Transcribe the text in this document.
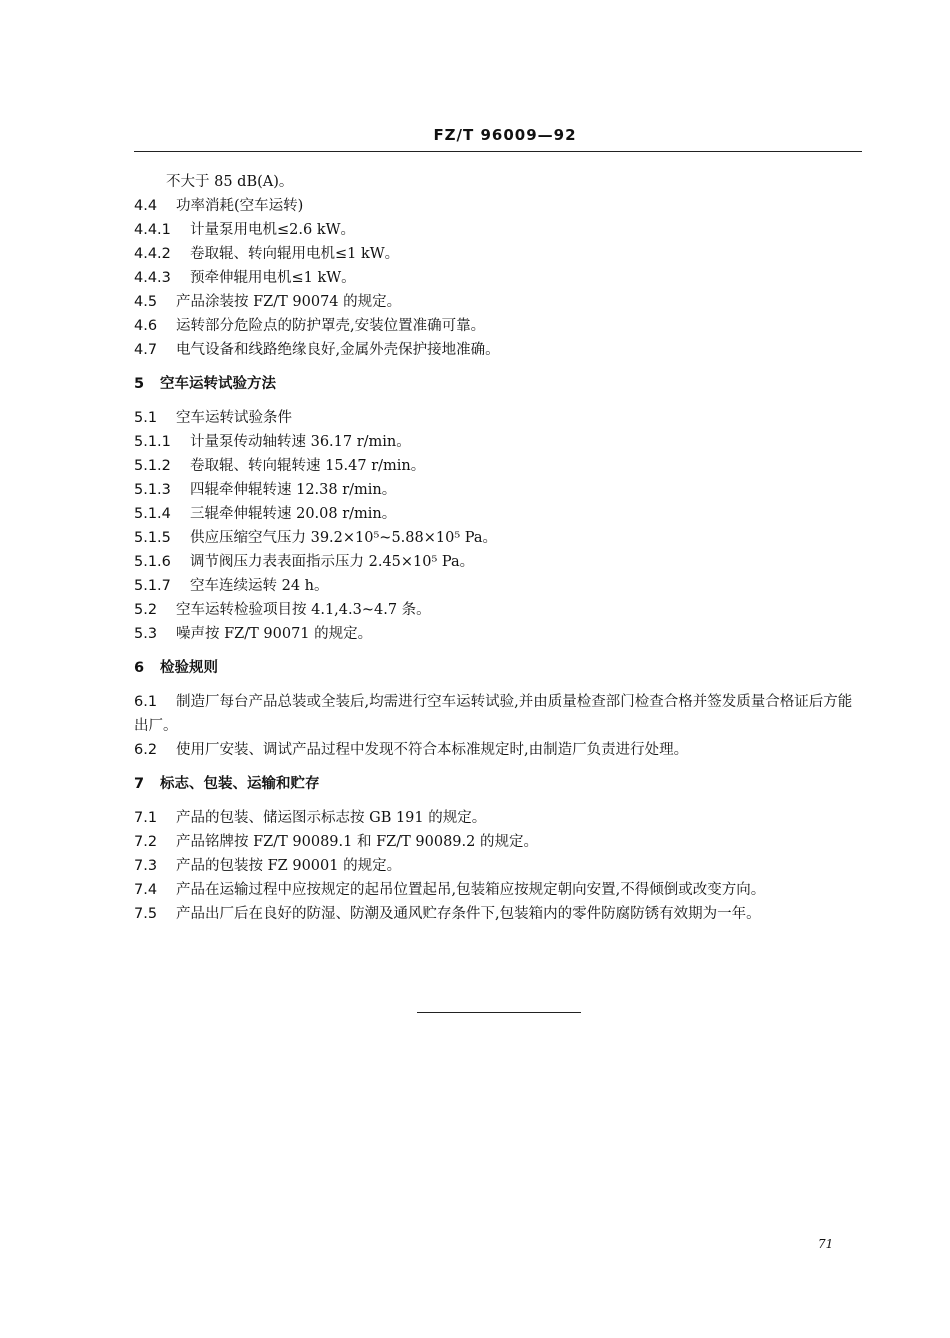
FZ/T 96009—92
不大于 85 dB(A)。
4.4 功率消耗(空车运转)
4.4.1 计量泵用电机≤2.6 kW。
4.4.2 卷取辊、转向辊用电机≤1 kW。
4.4.3 预牵伸辊用电机≤1 kW。
4.5 产品涂装按 FZ/T 90074 的规定。
4.6 运转部分危险点的防护罩壳,安装位置准确可靠。
4.7 电气设备和线路绝缘良好,金属外壳保护接地准确。
5 空车运转试验方法
5.1 空车运转试验条件
5.1.1 计量泵传动轴转速 36.17 r/min。
5.1.2 卷取辊、转向辊转速 15.47 r/min。
5.1.3 四辊牵伸辊转速 12.38 r/min。
5.1.4 三辊牵伸辊转速 20.08 r/min。
5.1.5 供应压缩空气压力 39.2×10⁵~5.88×10⁵ Pa。
5.1.6 调节阀压力表表面指示压力 2.45×10⁵ Pa。
5.1.7 空车连续运转 24 h。
5.2 空车运转检验项目按 4.1,4.3~4.7 条。
5.3 噪声按 FZ/T 90071 的规定。
6 检验规则
6.1 制造厂每台产品总装或全装后,均需进行空车运转试验,并由质量检查部门检查合格并签发质量合格证后方能出厂。
6.2 使用厂安装、调试产品过程中发现不符合本标准规定时,由制造厂负责进行处理。
7 标志、包装、运输和贮存
7.1 产品的包装、储运图示标志按 GB 191 的规定。
7.2 产品铭牌按 FZ/T 90089.1 和 FZ/T 90089.2 的规定。
7.3 产品的包装按 FZ 90001 的规定。
7.4 产品在运输过程中应按规定的起吊位置起吊,包装箱应按规定朝向安置,不得倾倒或改变方向。
7.5 产品出厂后在良好的防湿、防潮及通风贮存条件下,包装箱内的零件防腐防锈有效期为一年。
71
